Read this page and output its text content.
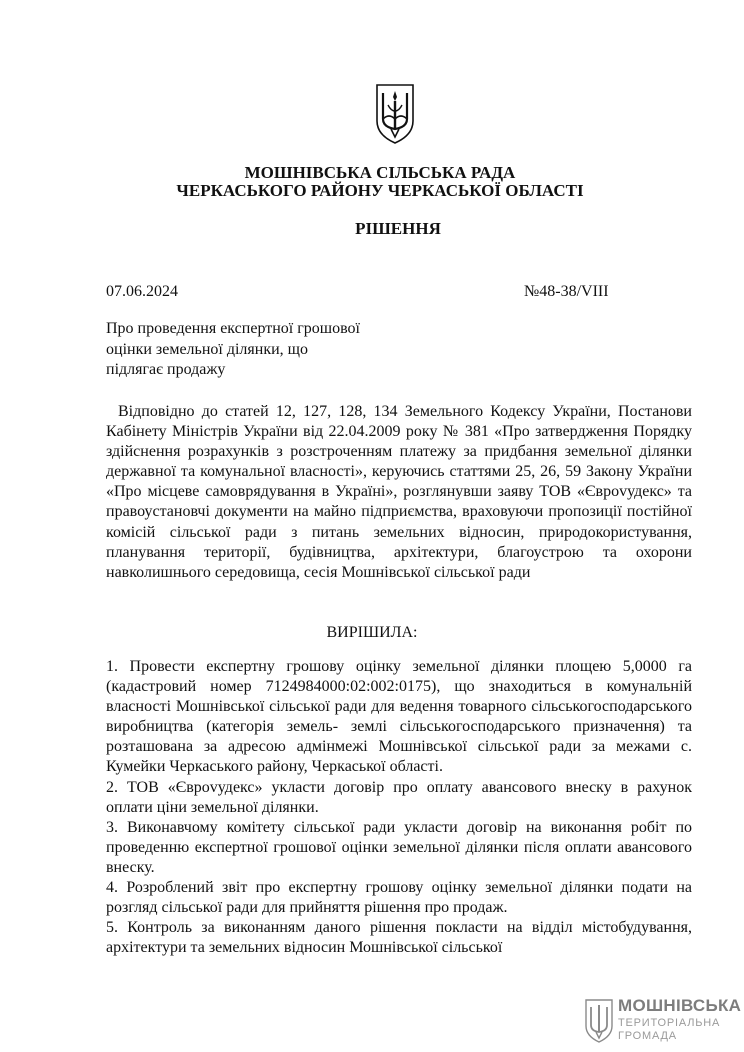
МОШНІВСЬКА СІЛЬСЬКА РАДА
ЧЕРКАСЬКОГО РАЙОНУ ЧЕРКАСЬКОЇ ОБЛАСТІ
РІШЕННЯ
07.06.2024	№48-38/VIII
Про проведення експертної грошової оцінки земельної ділянки, що підлягає продажу
Відповідно до статей 12, 127, 128, 134 Земельного Кодексу України, Постанови Кабінету Міністрів України від 22.04.2009 року № 381 «Про затвердження Порядку здійснення розрахунків з розстроченням платежу за придбання земельної ділянки державної та комунальної власності», керуючись статтями 25, 26, 59 Закону України «Про місцеве самоврядування в Україні», розглянувши заяву ТОВ «Єврovудекс» та правоустановчі документи на майно підприємства, враховуючи пропозиції постійної комісій сільської ради з питань земельних відносин, природокористування, планування території, будівництва, архітектури, благоустрою та охорони навколишнього середовища, сесія Мошнівської сільської ради
ВИРІШИЛА:

1. Провести експертну грошову оцінку земельної ділянки площею 5,0000 га (кадастровий номер 7124984000:02:002:0175), що знаходиться в комунальній власності Мошнівської сільської ради для ведення товарного сільськогосподарського виробництва (категорія земель- землі сільськогосподарського призначення) та розташована за адресою адмінмежі Мошнівської сільської ради за межами с. Кумейки Черкаського району, Черкаської області.

2. ТОВ «Єврovудекс» укласти договір про оплату авансового внеску в рахунок оплати ціни земельної ділянки.

3. Виконавчому комітету сільської ради укласти договір на виконання робіт по проведенню експертної грошової оцінки земельної ділянки після оплати авансового внеску.

4. Розроблений звіт про експертну грошову оцінку земельної ділянки подати на розгляд сільської ради для прийняття рішення про продаж.

5. Контроль за виконанням даного рішення покласти на відділ містобудування, архітектури та земельних відносин Мошнівської сільської

МОШНІВСЬКА
ТЕРИТОРІАЛЬНА
ГРОМАДА
